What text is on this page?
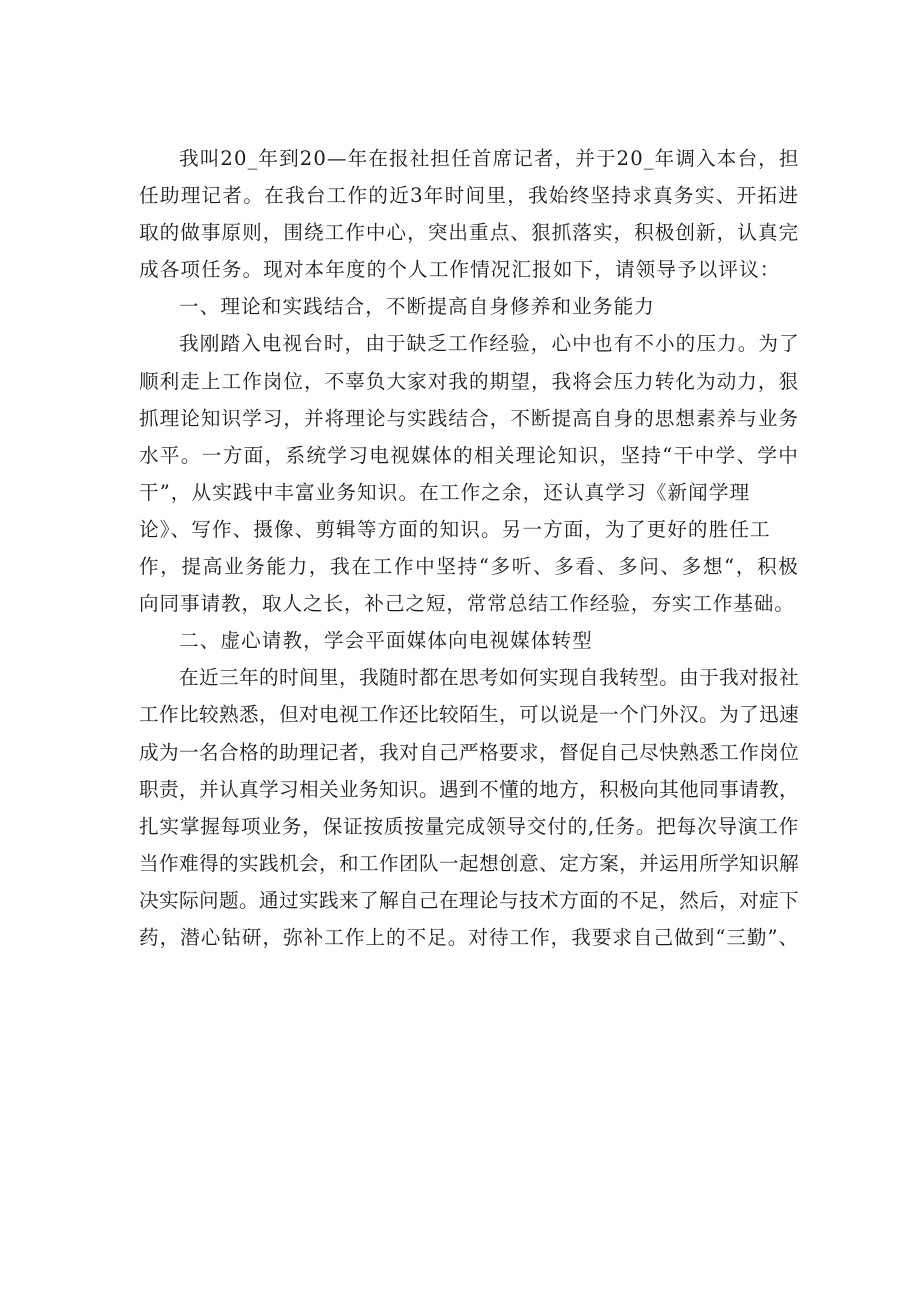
我叫20_年到20—年在报社担任首席记者，并于20_年调入本台，担
任助理记者。在我台工作的近3年时间里，我始终坚持求真务实、开拓进
取的做事原则，围绕工作中心，突出重点、狠抓落实，积极创新，认真完
成各项任务。现对本年度的个人工作情况汇报如下，请领导予以评议：
一、理论和实践结合，不断提高自身修养和业务能力
我刚踏入电视台时，由于缺乏工作经验，心中也有不小的压力。为了
顺利走上工作岗位，不辜负大家对我的期望，我将会压力转化为动力，狠
抓理论知识学习，并将理论与实践结合，不断提高自身的思想素养与业务
水平。一方面，系统学习电视媒体的相关理论知识，坚持“干中学、学中
干”，从实践中丰富业务知识。在工作之余，还认真学习《新闻学理
论》、写作、摄像、剪辑等方面的知识。另一方面，为了更好的胜任工
作，提高业务能力，我在工作中坚持“多听、多看、多问、多想“，积极
向同事请教，取人之长，补己之短，常常总结工作经验，夯实工作基础。
二、虚心请教，学会平面媒体向电视媒体转型
在近三年的时间里，我随时都在思考如何实现自我转型。由于我对报社
工作比较熟悉，但对电视工作还比较陌生，可以说是一个门外汉。为了迅速
成为一名合格的助理记者，我对自己严格要求，督促自己尽快熟悉工作岗位
职责，并认真学习相关业务知识。遇到不懂的地方，积极向其他同事请教，
扎实掌握每项业务，保证按质按量完成领导交付的,任务。把每次导演工作
当作难得的实践机会，和工作团队一起想创意、定方案，并运用所学知识解
决实际问题。通过实践来了解自己在理论与技术方面的不足，然后，对症下
药，潜心钻研，弥补工作上的不足。对待工作，我要求自己做到“三勤”、
